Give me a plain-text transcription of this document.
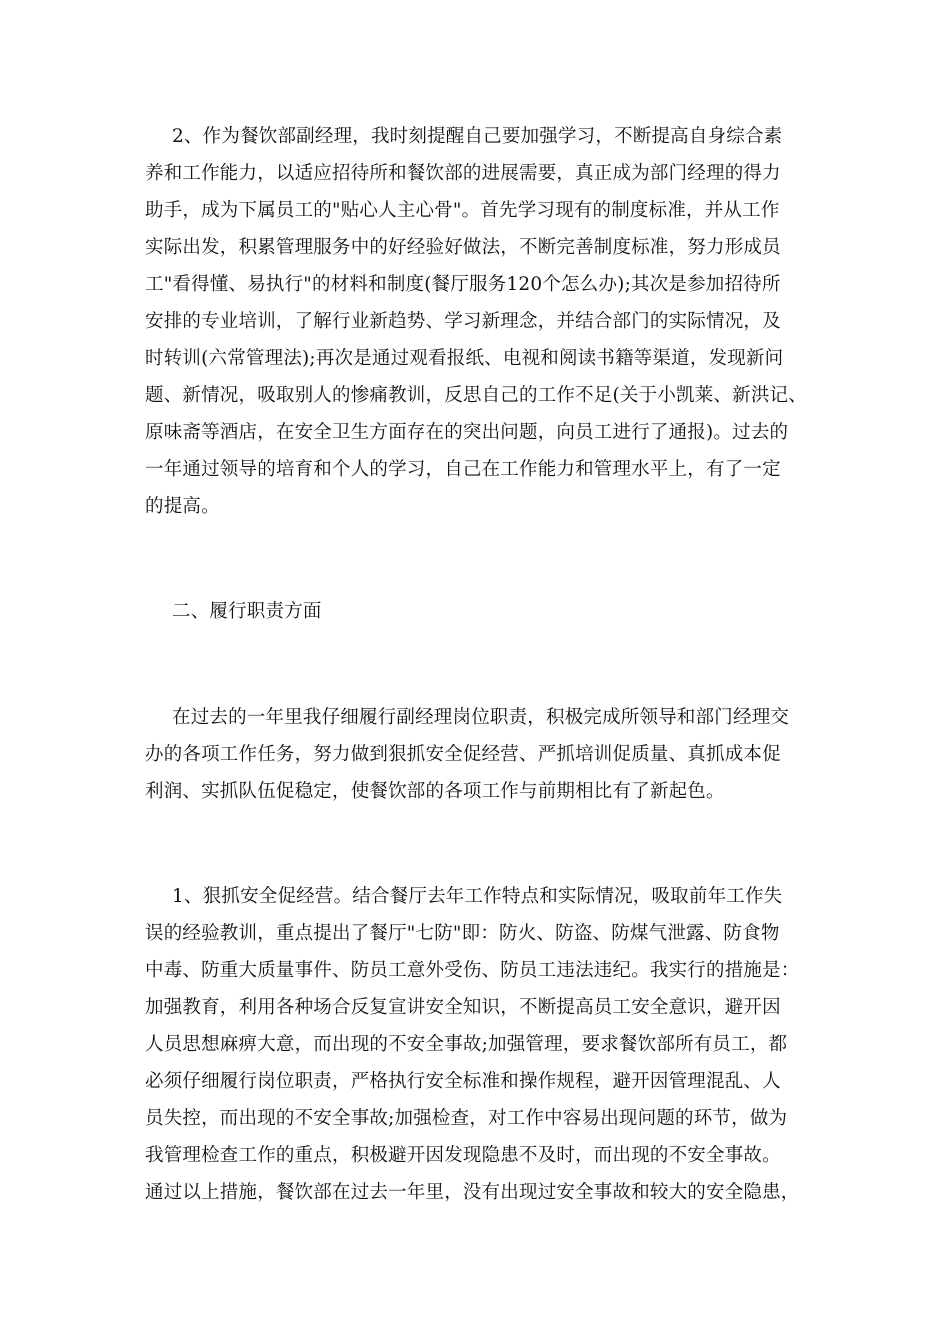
2、作为餐饮部副经理，我时刻提醒自己要加强学习，不断提高自身综合素
养和工作能力，以适应招待所和餐饮部的进展需要，真正成为部门经理的得力
助手，成为下属员工的"贴心人主心骨"。首先学习现有的制度标准，并从工作
实际出发，积累管理服务中的好经验好做法，不断完善制度标准，努力形成员
工"看得懂、易执行"的材料和制度(餐厅服务120个怎么办);其次是参加招待所
安排的专业培训，了解行业新趋势、学习新理念，并结合部门的实际情况，及
时转训(六常管理法);再次是通过观看报纸、电视和阅读书籍等渠道，发现新问
题、新情况，吸取别人的惨痛教训，反思自己的工作不足(关于小凯莱、新洪记、
原味斋等酒店，在安全卫生方面存在的突出问题，向员工进行了通报)。过去的
一年通过领导的培育和个人的学习，自己在工作能力和管理水平上，有了一定
的提高。
二、履行职责方面
在过去的一年里我仔细履行副经理岗位职责，积极完成所领导和部门经理交
办的各项工作任务，努力做到狠抓安全促经营、严抓培训促质量、真抓成本促
利润、实抓队伍促稳定，使餐饮部的各项工作与前期相比有了新起色。
1、狠抓安全促经营。结合餐厅去年工作特点和实际情况，吸取前年工作失
误的经验教训，重点提出了餐厅"七防"即：防火、防盗、防煤气泄露、防食物
中毒、防重大质量事件、防员工意外受伤、防员工违法违纪。我实行的措施是：
加强教育，利用各种场合反复宣讲安全知识，不断提高员工安全意识，避开因
人员思想麻痹大意，而出现的不安全事故;加强管理，要求餐饮部所有员工，都
必须仔细履行岗位职责，严格执行安全标准和操作规程，避开因管理混乱、人
员失控，而出现的不安全事故;加强检查，对工作中容易出现问题的环节，做为
我管理检查工作的重点，积极避开因发现隐患不及时，而出现的不安全事故。
通过以上措施，餐饮部在过去一年里，没有出现过安全事故和较大的安全隐患，
